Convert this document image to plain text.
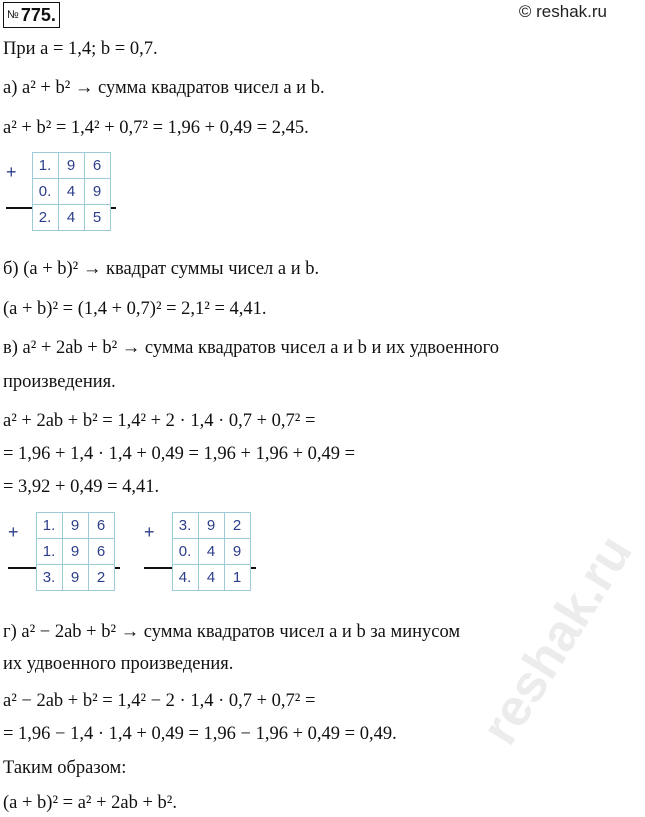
№ 775.	© reshak.ru
При a = 1,4; b = 0,7.
а) a² + b² → сумма квадратов чисел a и b.
a² + b² = 1,4² + 0,7² = 1,96 + 0,49 = 2,45.
+	1.	9	6
0.	4	9
2.	4	5
б) (a + b)² → квадрат суммы чисел a и b.
(a + b)² = (1,4 + 0,7)² = 2,1² = 4,41.
в) a² + 2ab + b² → сумма квадратов чисел a и b и их удвоенного
произведения.
a² + 2ab + b² = 1,4² + 2 · 1,4 · 0,7 + 0,7² =
= 1,96 + 1,4 · 1,4 + 0,49 = 1,96 + 1,96 + 0,49 =
= 3,92 + 0,49 = 4,41.
+	1.	9	6
1.	9	6
3.	9	2
+	3.	9	2
0.	4	9
4.	4	1
г) a² − 2ab + b² → сумма квадратов чисел a и b за минусом
их удвоенного произведения.
a² − 2ab + b² = 1,4² − 2 · 1,4 · 0,7 + 0,7² =
= 1,96 − 1,4 · 1,4 + 0,49 = 1,96 − 1,96 + 0,49 = 0,49.
Таким образом:
(a + b)² = a² + 2ab + b².
reshak.ru
